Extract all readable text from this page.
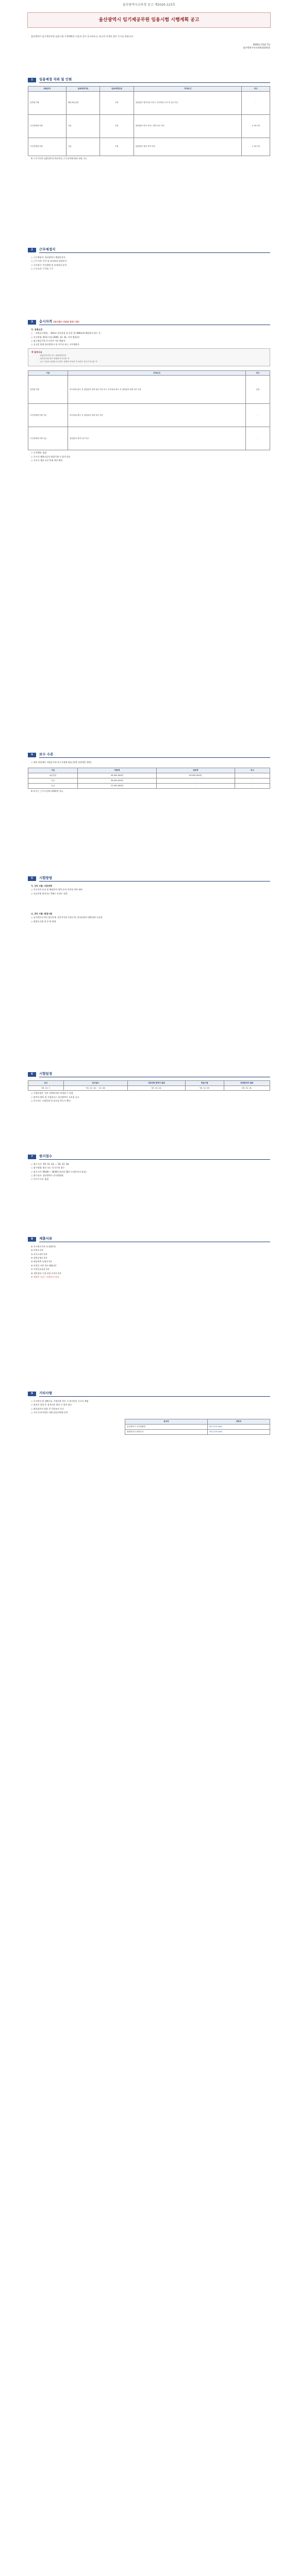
울산광역시교육청 공고 제2020-123호
울산광역시 임기제공무원 임용시험 시행계획 공고
울산광역시 임기제공무원 임용시험 시행계획을 다음과 같이 공고하오니, 유능한 인재의 많은 응시를 바랍니다.
2020년 12월 7일
울산광역시인사위원회위원장
1	임용예정 직위 및 인원
채용분야	임용예정직위	임용예정인원	자격요건	비고
일반임기제	행정 6급상당	1명	관련분야 경력 3년 이상 / 석사학위 소지 후 1년 이상	-
시간선택임기제	가급	1명	관련분야 학사 이상 / 경력 2년 이상	주 35시간
시간선택임기제	나급	1명	관련분야 경력 자격 보유	주 20시간
※ 근무기간은 임용일부터 2년이며, 근무실적에 따라 연장 가능
2	근무예정지
○ 근무예정지: 울산광역시 행정안전국
○ 근무기관: 인사 및 조직관리 담당부서
○ 주요업무: 인사행정 및 조직관리 분석
○ 근무조건: 주 5일 근무
3	응시자격 (원서접수 마감일 현재 기준)
가. 공통요건
○ 「지방공무원법」 제31조 결격사유 및 같은 법 제66조에 해당하지 않는 자
○ 응시연령: 20세 이상 (2001. 12. 31. 이전 출생자)
○ 임기제공무원 응시자격 기준 해당자
○ 공고일 현재 울산광역시 내 거주자 또는 거주예정자
※ 결격사유
- 피성년후견인 또는 피한정후견인
- 파산선고를 받고 복권되지 아니한 자
- 금고 이상의 실형을 선고받고 집행이 종료된 후 5년이 지나지 아니한 자
구분	자격요건	비고
일반임기제	학사학위 취득 후 관련분야 경력 4년 이상 또는 석사학위 취득 후 관련분야 경력 2년 이상	공통
시간선택임기제 가급	학사학위 취득 후 관련분야 경력 2년 이상	-
시간선택임기제 나급	관련분야 경력 1년 이상	-
○ 우선채용: 없음
○ 응시자 제출서류의 허위기재 시 합격 취소
○ 거주지 제한 요건 충족 여부 확인
4	보수 수준
○ 연봉 하한액은 지방공무원 보수규정에 따름 (연봉 상한액은 협의)
구분	하한액	상한액	비고
6급상당	44,000,000원	63,000,000원	-
가급	36,000,000원	-	-
나급	22,000,000원	-	-
※ 보수는 근무시간에 비례하여 지급
5	시험방법
가. 1차 시험: 서류전형
○ 응시자격 요건 및 해당분야 경력 등의 적격성 여부 판단
○ 서류전형 합격자는 5배수 이내로 선발
나. 2차 시험: 면접시험
○ 공무원으로서의 정신자세, 전문지식과 응용능력, 의사표현의 정확성과 논리성
○ 평정요소별 상·중·하 평정
6	시험일정
공고	원서접수	서류전형 합격자 발표	면접시험	최종합격자 발표
'20. 12. 7.	'20. 12. 14. ~ 12. 18.	'20. 12. 24.	'20. 12. 29.	'20. 12. 31.
○ 시험일정은 기관 사정에 따라 변경될 수 있음
○ 합격자 발표 및 시험장소는 울산광역시 누리집 공고
○ 응시자는 시험일정 및 장소를 반드시 확인
7	원서접수
○ 접수기간: '20. 12. 14. ~ '20. 12. 18.
○ 접수방법: 방문 또는 등기우편 접수
○ 접수시간: 09:00 ~ 18:00 (마감일 18시 도착분까지 유효)
○ 접수장소: 울산광역시 인사위원회
○ 응시수수료: 없음
8	제출서류
① 응시원서 1부 (소정양식)
② 이력서 1부
③ 자기소개서 1부
④ 경력증명서 1부
⑤ 최종학력 증명서 1부
⑥ 자격증 사본 1부 (해당자)
⑦ 주민등록초본 1부
⑧ 개인정보 수집·이용 동의서 1부
※ 제출된 서류는 반환하지 않음
9	기타사항
○ 응시원서 및 제출서류 기재사항 착오 시 불이익은 응시자 책임
○ 합격자 결정 후 결격사유 발견 시 합격 취소
○ 최종합격자 임용 전 신원조사 실시
○ 기타 문의사항은 아래 담당자에게 문의
문의처	연락처
울산광역시 인사위원회	052-229-2641
행정안전국 담당부서	052-229-2642
